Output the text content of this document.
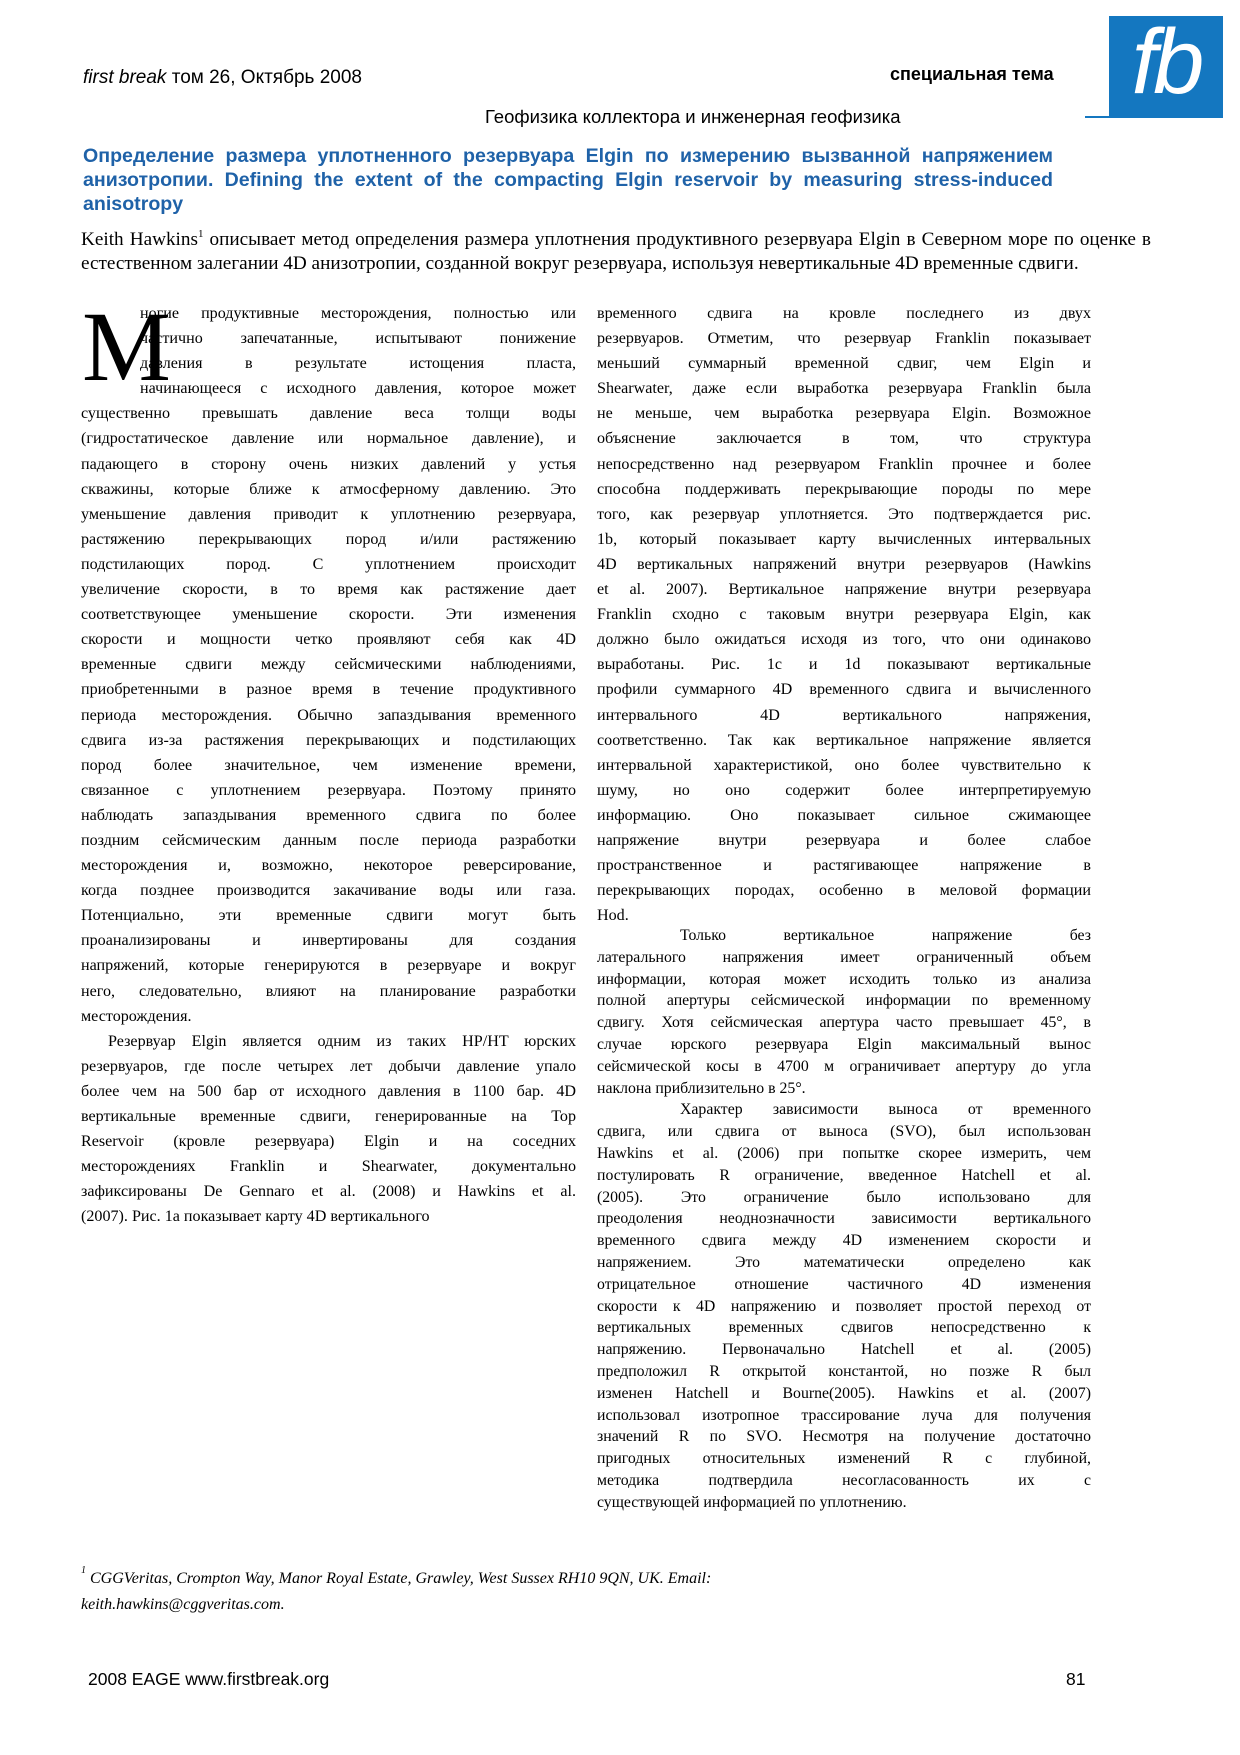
first break том 26, Октябрь 2008	специальная тема
Геофизика коллектора и инженерная геофизика
fb
Определение размера уплотненного резервуара Elgin по измерению вызванной напряжением анизотропии. Defining the extent of the compacting Elgin reservoir by measuring stress-induced anisotropy
Keith Hawkins$^1$ описывает метод определения размера уплотнения продуктивного резервуара Elgin в Северном море по оценке в естественном залегании 4D анизотропии, созданной вокруг резервуара, используя невертикальные 4D временные сдвиги.
М
ногие продуктивные месторождения, полностью или
частично запечатанные, испытывают понижение
давления в результате истощения пласта,
начинающееся с исходного давления, которое может
существенно превышать давление веса толщи воды
(гидростатическое давление или нормальное давление), и
падающего в сторону очень низких давлений у устья
скважины, которые ближе к атмосферному давлению. Это
уменьшение давления приводит к уплотнению резервуара,
растяжению перекрывающих пород и/или растяжению
подстилающих пород. С уплотнением происходит
увеличение скорости, в то время как растяжение дает
соответствующее уменьшение скорости. Эти изменения
скорости и мощности четко проявляют себя как 4D
временные сдвиги между сейсмическими наблюдениями,
приобретенными в разное время в течение продуктивного
периода месторождения. Обычно запаздывания временного
сдвига из-за растяжения перекрывающих и подстилающих
пород более значительное, чем изменение времени,
связанное с уплотнением резервуара. Поэтому принято
наблюдать запаздывания временного сдвига по более
поздним сейсмическим данным после периода разработки
месторождения и, возможно, некоторое реверсирование,
когда позднее производится закачивание воды или газа.
Потенциально, эти временные сдвиги могут быть
проанализированы и инвертированы для создания
напряжений, которые генерируются в резервуаре и вокруг
него, следовательно, влияют на планирование разработки
месторождения.
Резервуар Elgin является одним из таких HP/HT юрских
резервуаров, где после четырех лет добычи давление упало
более чем на 500 бар от исходного давления в 1100 бар. 4D
вертикальные временные сдвиги, генерированные на Top
Reservoir (кровле резервуара) Elgin и на соседних
месторождениях Franklin и Shearwater, документально
зафиксированы De Gennaro et al. (2008) и Hawkins et al.
(2007). Рис. 1а показывает карту 4D вертикального
временного сдвига на кровле последнего из двух
резервуаров. Отметим, что резервуар Franklin показывает
меньший суммарный временной сдвиг, чем Elgin и
Shearwater, даже если выработка резервуара Franklin была
не меньше, чем выработка резервуара Elgin. Возможное
объяснение заключается в том, что структура
непосредственно над резервуаром Franklin прочнее и более
способна поддерживать перекрывающие породы по мере
того, как резервуар уплотняется. Это подтверждается рис.
1b, который показывает карту вычисленных интервальных
4D вертикальных напряжений внутри резервуаров (Hawkins
et al. 2007). Вертикальное напряжение внутри резервуара
Franklin сходно с таковым внутри резервуара Elgin, как
должно было ожидаться исходя из того, что они одинаково
выработаны. Рис. 1c и 1d показывают вертикальные
профили суммарного 4D временного сдвига и вычисленного
интервального 4D вертикального напряжения,
соответственно. Так как вертикальное напряжение является
интервальной характеристикой, оно более чувствительно к
шуму, но оно содержит более интерпретируемую
информацию. Оно показывает сильное сжимающее
напряжение внутри резервуара и более слабое
пространственное и растягивающее напряжение в
перекрывающих породах, особенно в меловой формации
Hod.
Только вертикальное напряжение без
латерального напряжения имеет ограниченный объем
информации, которая может исходить только из анализа
полной апертуры сейсмической информации по временному
сдвигу. Хотя сейсмическая апертура часто превышает 45°, в
случае юрского резервуара Elgin максимальный вынос
сейсмической косы в 4700 м ограничивает апертуру до угла
наклона приблизительно в 25°.
Характер зависимости выноса от временного
сдвига, или сдвига от выноса (SVO), был использован
Hawkins et al. (2006) при попытке скорее измерить, чем
постулировать R ограничение, введенное Hatchell et al.
(2005). Это ограничение было использовано для
преодоления неоднозначности зависимости вертикального
временного сдвига между 4D изменением скорости и
напряжением. Это математически определено как
отрицательное отношение частичного 4D изменения
скорости к 4D напряжению и позволяет простой переход от
вертикальных временных сдвигов непосредственно к
напряжению. Первоначально Hatchell et al. (2005)
предположил R открытой константой, но позже R был
изменен Hatchell и Bourne(2005). Hawkins et al. (2007)
использовал изотропное трассирование луча для получения
значений R по SVO. Несмотря на получение достаточно
пригодных относительных изменений R с глубиной,
методика подтвердила несогласованность их с
существующей информацией по уплотнению.
$^1$ CGGVeritas, Crompton Way, Manor Royal Estate, Grawley, West Sussex RH10 9QN, UK. Email:
keith.hawkins@cggveritas.com.
2008 EAGE www.firstbreak.org	81
